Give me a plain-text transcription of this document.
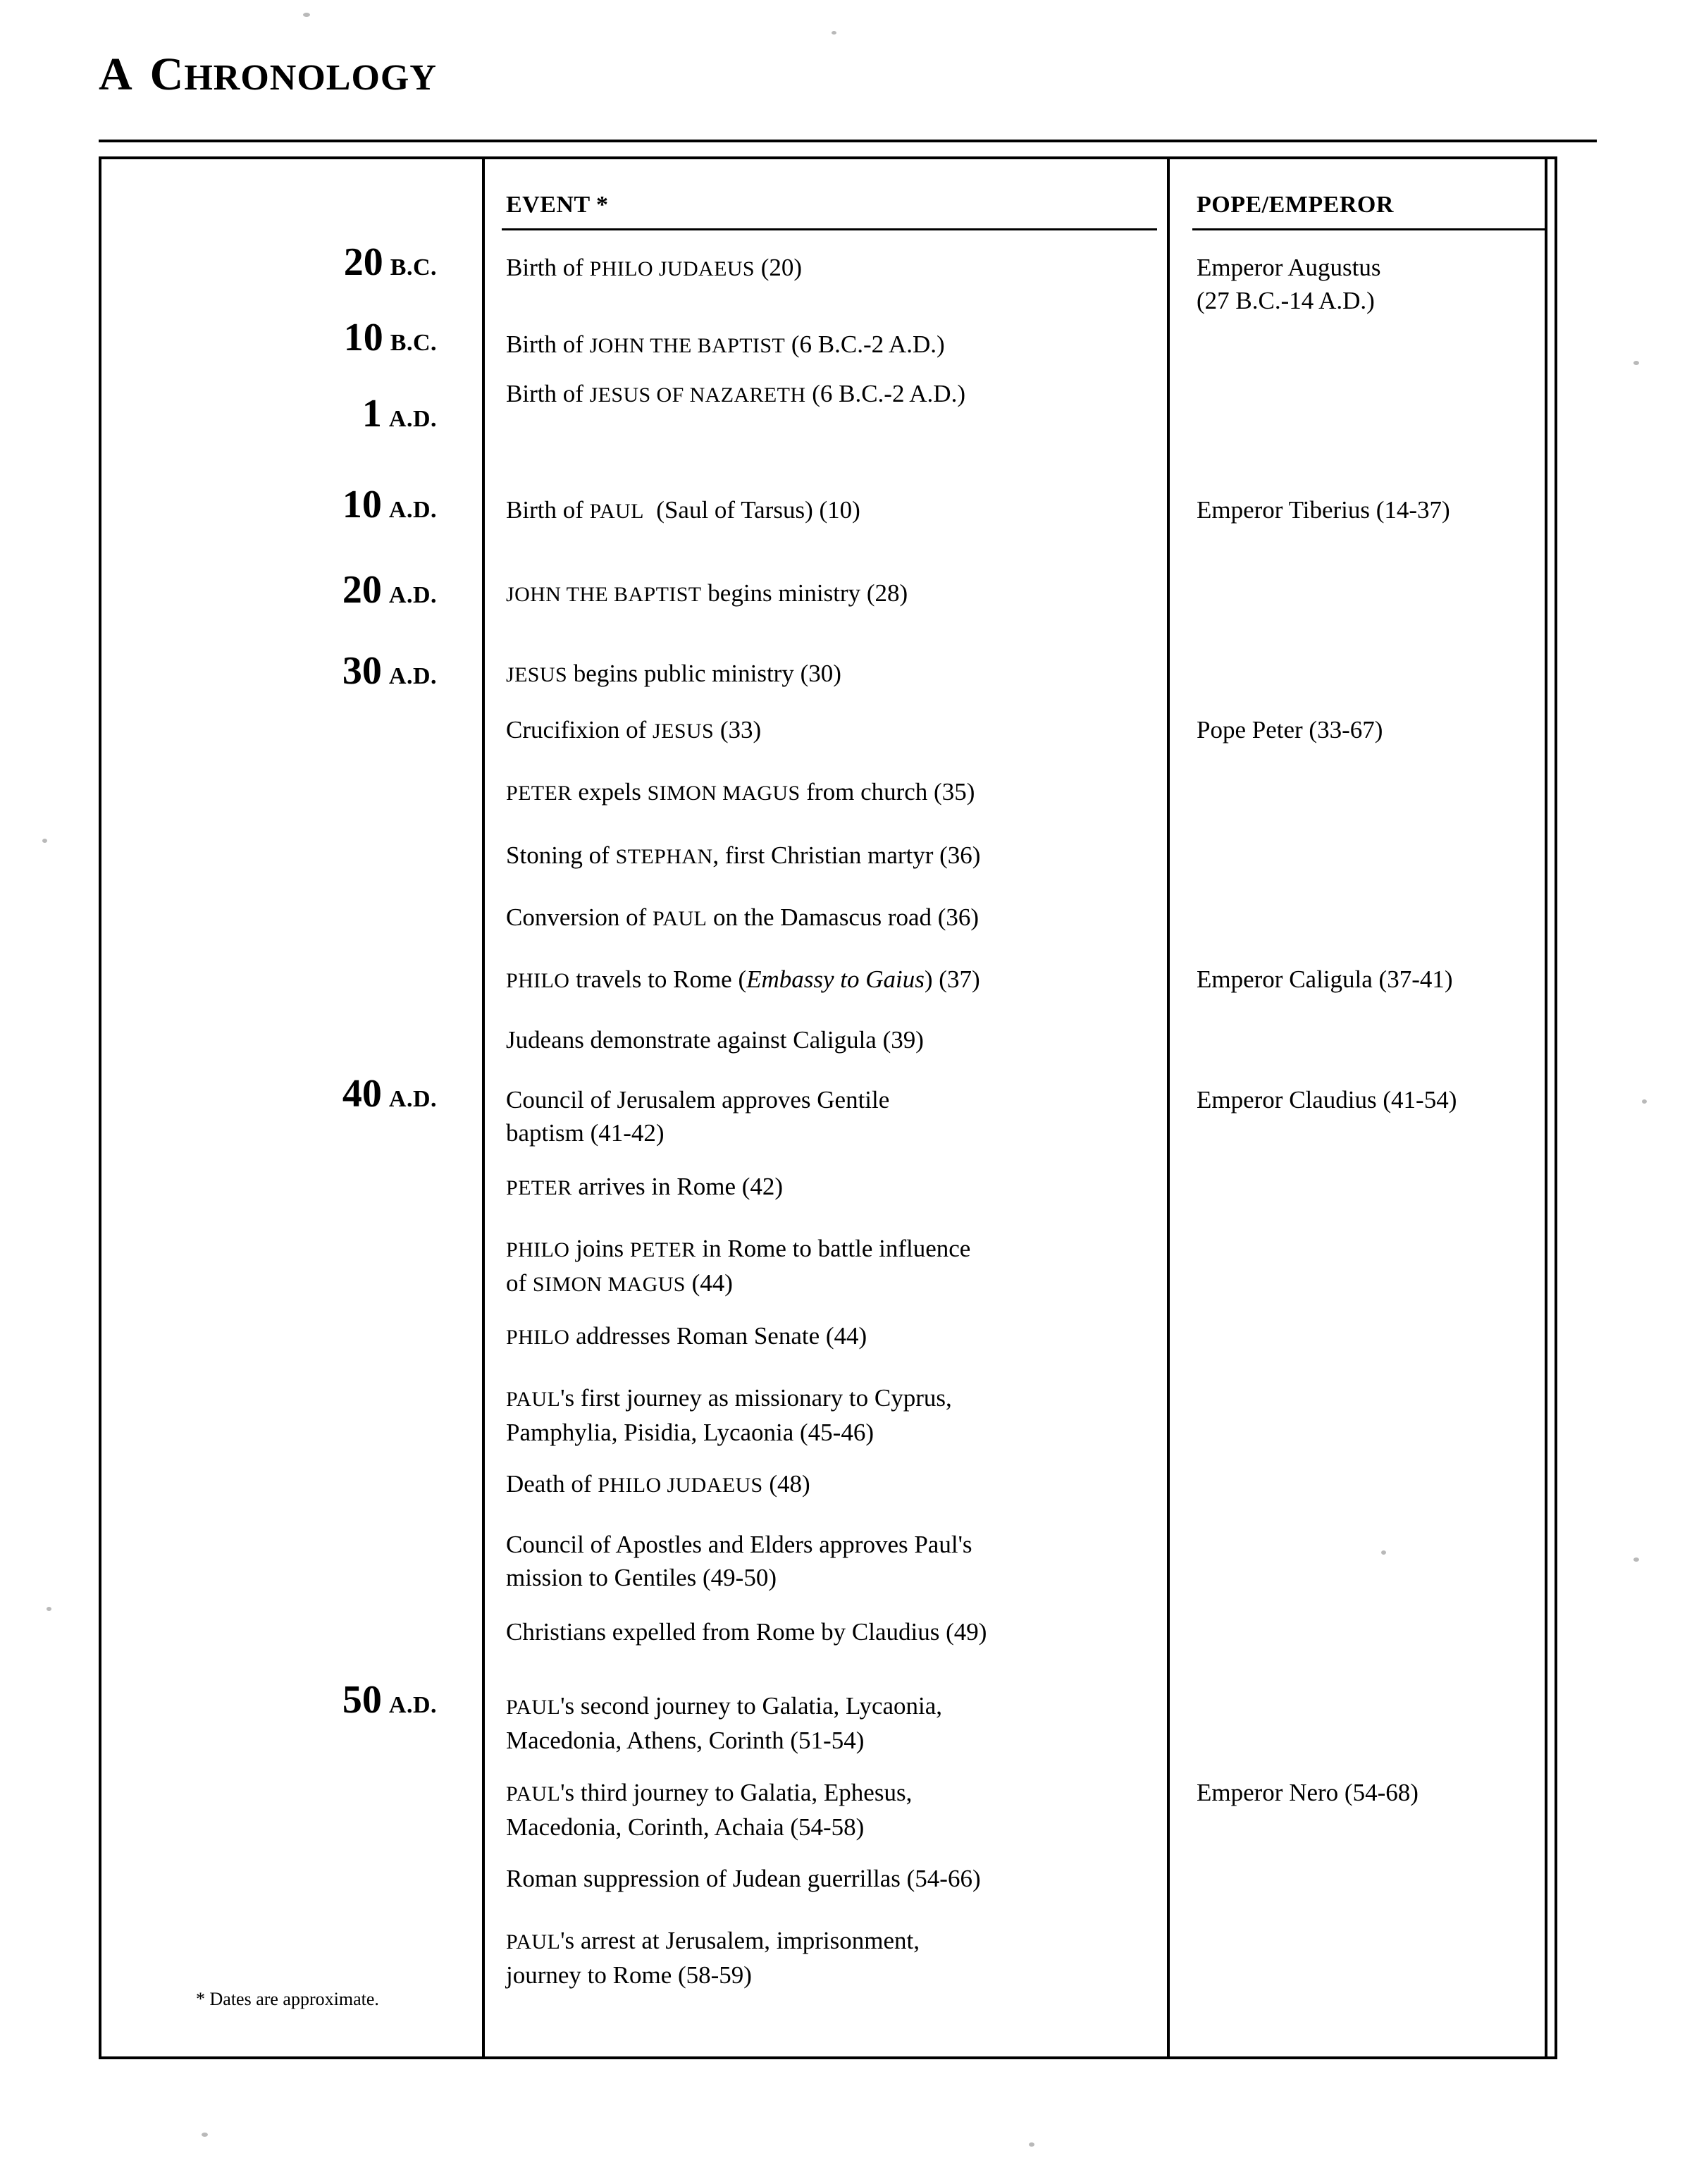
A CHRONOLOGY
EVENT *	POPE/EMPEROR
20 B.C.
10 B.C.
1 A.D.
10 A.D.
20 A.D.
30 A.D.
40 A.D.
50 A.D.
Birth of PHILO JUDAEUS (20)
Birth of JOHN THE BAPTIST (6 B.C.-2 A.D.)
Birth of JESUS OF NAZARETH (6 B.C.-2 A.D.)
Birth of PAUL  (Saul of Tarsus) (10)
JOHN THE BAPTIST begins ministry (28)
JESUS begins public ministry (30)
Crucifixion of JESUS (33)
PETER expels SIMON MAGUS from church (35)
Stoning of STEPHAN, first Christian martyr (36)
Conversion of PAUL on the Damascus road (36)
PHILO travels to Rome (Embassy to Gaius) (37)
Judeans demonstrate against Caligula (39)
Council of Jerusalem approves Gentile
baptism (41-42)
PETER arrives in Rome (42)
PHILO joins PETER in Rome to battle influence
of SIMON MAGUS (44)
PHILO addresses Roman Senate (44)
PAUL's first journey as missionary to Cyprus,
Pamphylia, Pisidia, Lycaonia (45-46)
Death of PHILO JUDAEUS (48)
Council of Apostles and Elders approves Paul's
mission to Gentiles (49-50)
Christians expelled from Rome by Claudius (49)
PAUL's second journey to Galatia, Lycaonia,
Macedonia, Athens, Corinth (51-54)
PAUL's third journey to Galatia, Ephesus,
Macedonia, Corinth, Achaia (54-58)
Roman suppression of Judean guerrillas (54-66)
PAUL's arrest at Jerusalem, imprisonment,
journey to Rome (58-59)
Emperor Augustus
(27 B.C.-14 A.D.)
Emperor Tiberius (14-37)
Pope Peter (33-67)
Emperor Caligula (37-41)
Emperor Claudius (41-54)
Emperor Nero (54-68)
* Dates are approximate.
